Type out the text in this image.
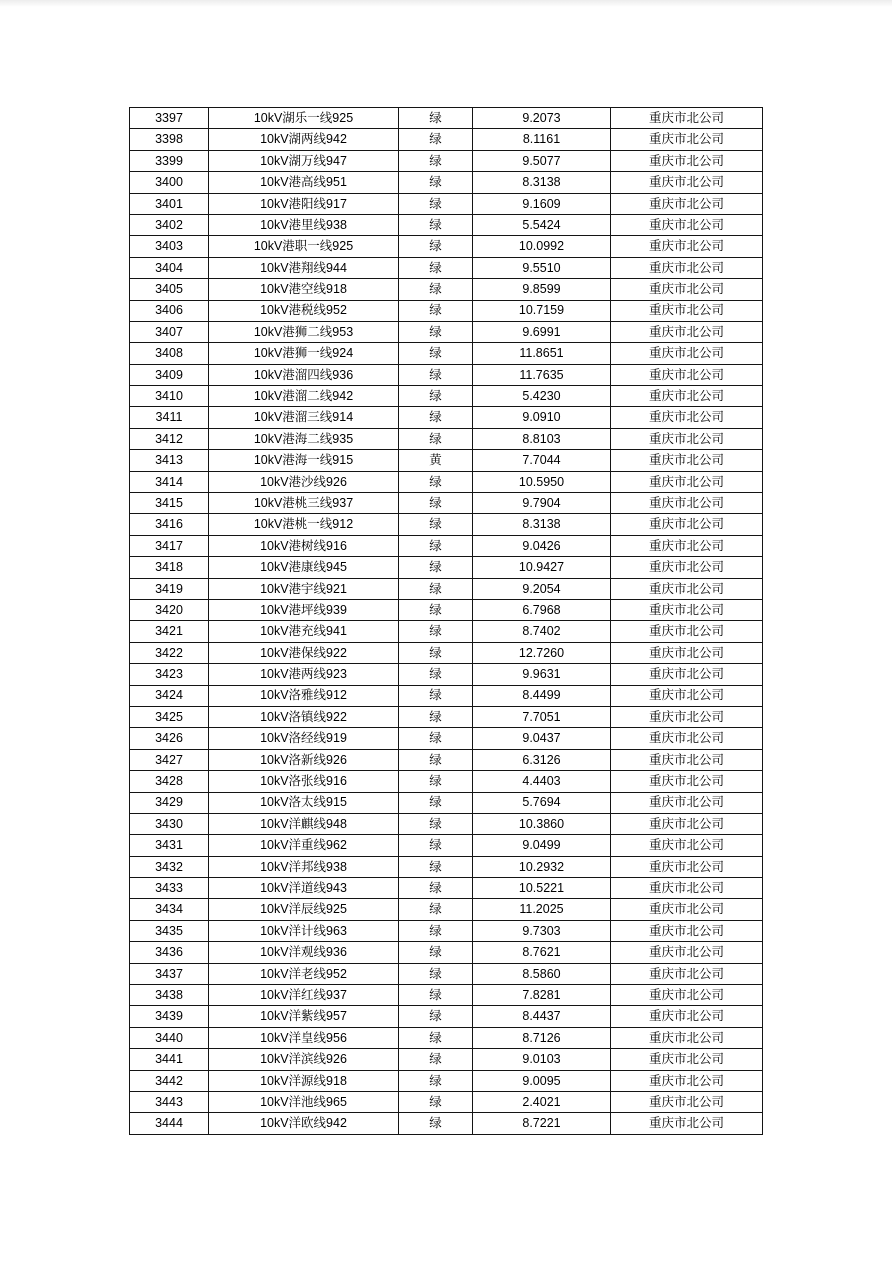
3397	10kV湖乐一线925	绿	9.2073	重庆市北公司
3398	10kV湖两线942	绿	8.1161	重庆市北公司
3399	10kV湖万线947	绿	9.5077	重庆市北公司
3400	10kV港高线951	绿	8.3138	重庆市北公司
3401	10kV港阳线917	绿	9.1609	重庆市北公司
3402	10kV港里线938	绿	5.5424	重庆市北公司
3403	10kV港职一线925	绿	10.0992	重庆市北公司
3404	10kV港翔线944	绿	9.5510	重庆市北公司
3405	10kV港空线918	绿	9.8599	重庆市北公司
3406	10kV港税线952	绿	10.7159	重庆市北公司
3407	10kV港狮二线953	绿	9.6991	重庆市北公司
3408	10kV港狮一线924	绿	11.8651	重庆市北公司
3409	10kV港溜四线936	绿	11.7635	重庆市北公司
3410	10kV港溜二线942	绿	5.4230	重庆市北公司
3411	10kV港溜三线914	绿	9.0910	重庆市北公司
3412	10kV港海二线935	绿	8.8103	重庆市北公司
3413	10kV港海一线915	黄	7.7044	重庆市北公司
3414	10kV港沙线926	绿	10.5950	重庆市北公司
3415	10kV港桃三线937	绿	9.7904	重庆市北公司
3416	10kV港桃一线912	绿	8.3138	重庆市北公司
3417	10kV港树线916	绿	9.0426	重庆市北公司
3418	10kV港康线945	绿	10.9427	重庆市北公司
3419	10kV港宇线921	绿	9.2054	重庆市北公司
3420	10kV港坪线939	绿	6.7968	重庆市北公司
3421	10kV港充线941	绿	8.7402	重庆市北公司
3422	10kV港保线922	绿	12.7260	重庆市北公司
3423	10kV港两线923	绿	9.9631	重庆市北公司
3424	10kV洛雅线912	绿	8.4499	重庆市北公司
3425	10kV洛镇线922	绿	7.7051	重庆市北公司
3426	10kV洛经线919	绿	9.0437	重庆市北公司
3427	10kV洛新线926	绿	6.3126	重庆市北公司
3428	10kV洛张线916	绿	4.4403	重庆市北公司
3429	10kV洛太线915	绿	5.7694	重庆市北公司
3430	10kV洋麒线948	绿	10.3860	重庆市北公司
3431	10kV洋重线962	绿	9.0499	重庆市北公司
3432	10kV洋邦线938	绿	10.2932	重庆市北公司
3433	10kV洋道线943	绿	10.5221	重庆市北公司
3434	10kV洋辰线925	绿	11.2025	重庆市北公司
3435	10kV洋计线963	绿	9.7303	重庆市北公司
3436	10kV洋观线936	绿	8.7621	重庆市北公司
3437	10kV洋老线952	绿	8.5860	重庆市北公司
3438	10kV洋红线937	绿	7.8281	重庆市北公司
3439	10kV洋紫线957	绿	8.4437	重庆市北公司
3440	10kV洋皇线956	绿	8.7126	重庆市北公司
3441	10kV洋滨线926	绿	9.0103	重庆市北公司
3442	10kV洋源线918	绿	9.0095	重庆市北公司
3443	10kV洋池线965	绿	2.4021	重庆市北公司
3444	10kV洋欧线942	绿	8.7221	重庆市北公司
